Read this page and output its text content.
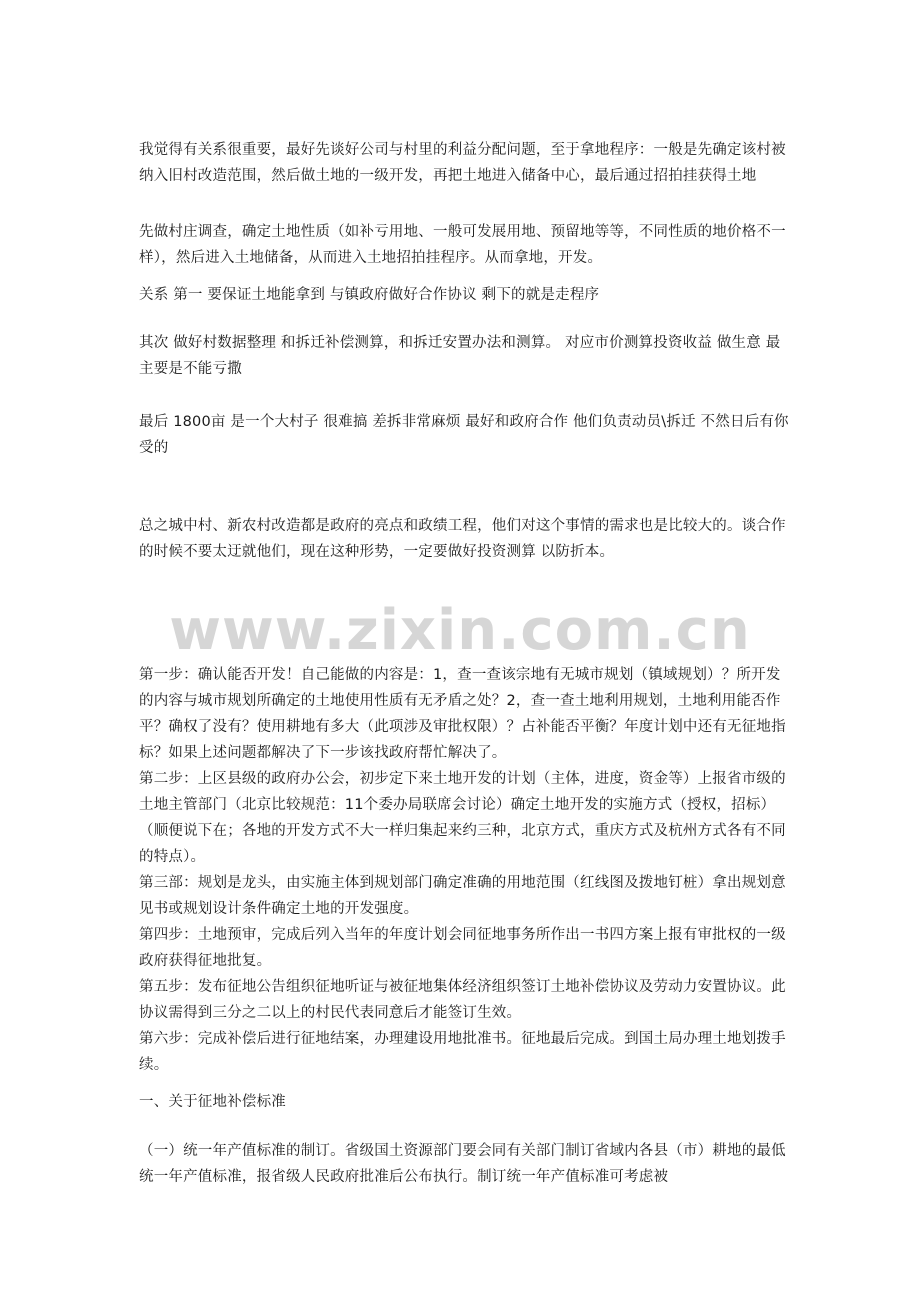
我觉得有关系很重要，最好先谈好公司与村里的利益分配问题，至于拿地程序：一般是先确定该村被纳入旧村改造范围，然后做土地的一级开发，再把土地进入储备中心，最后通过招拍挂获得土地

先做村庄调查，确定土地性质（如补亏用地、一般可发展用地、预留地等等，不同性质的地价格不一样），然后进入土地储备，从而进入土地招拍挂程序。从而拿地，开发。

关系 第一 要保证土地能拿到 与镇政府做好合作协议 剩下的就是走程序

其次 做好村数据整理 和拆迁补偿测算，和拆迁安置办法和测算。 对应市价测算投资收益 做生意 最主要是不能亏撒

最后 1800亩 是一个大村子 很难搞 差拆非常麻烦 最好和政府合作 他们负责动员\拆迁 不然日后有你受的

总之城中村、新农村改造都是政府的亮点和政绩工程，他们对这个事情的需求也是比较大的。谈合作的时候不要太迂就他们，现在这种形势，一定要做好投资测算 以防折本。

www.zixin.com.cn

第一步：确认能否开发！自己能做的内容是：1，查一查该宗地有无城市规划（镇域规划）？所开发的内容与城市规划所确定的土地使用性质有无矛盾之处？2，查一查土地利用规划，土地利用能否作平？确权了没有？使用耕地有多大（此项涉及审批权限）？占补能否平衡？年度计划中还有无征地指标？如果上述问题都解决了下一步该找政府帮忙解决了。

第二步：上区县级的政府办公会，初步定下来土地开发的计划（主体，进度，资金等）上报省市级的土地主管部门（北京比较规范：11个委办局联席会讨论）确定土地开发的实施方式（授权，招标）（顺便说下在；各地的开发方式不大一样归集起来约三种，北京方式，重庆方式及杭州方式各有不同的特点）。

第三部：规划是龙头，由实施主体到规划部门确定准确的用地范围（红线图及拨地钉桩）拿出规划意见书或规划设计条件确定土地的开发强度。

第四步：土地预审，完成后列入当年的年度计划会同征地事务所作出一书四方案上报有审批权的一级政府获得征地批复。

第五步：发布征地公告组织征地听证与被征地集体经济组织签订土地补偿协议及劳动力安置协议。此协议需得到三分之二以上的村民代表同意后才能签订生效。

第六步：完成补偿后进行征地结案，办理建设用地批准书。征地最后完成。到国土局办理土地划拨手续。

一、关于征地补偿标准

（一）统一年产值标准的制订。省级国土资源部门要会同有关部门制订省域内各县（市）耕地的最低统一年产值标准，报省级人民政府批准后公布执行。制订统一年产值标准可考虑被
